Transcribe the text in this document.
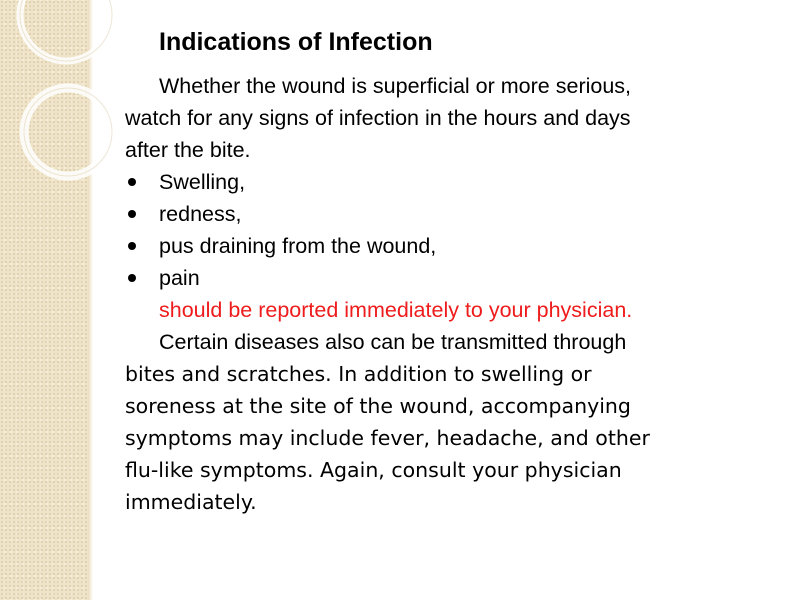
Indications of Infection
Whether the wound is superficial or more serious,
watch for any signs of infection in the hours and days
after the bite.
Swelling,
redness,
pus draining from the wound,
pain
should be reported immediately to your physician.
Certain diseases also can be transmitted through
bites and scratches. In addition to swelling or
soreness at the site of the wound, accompanying
symptoms may include fever, headache, and other
flu-like symptoms. Again, consult your physician
immediately.
